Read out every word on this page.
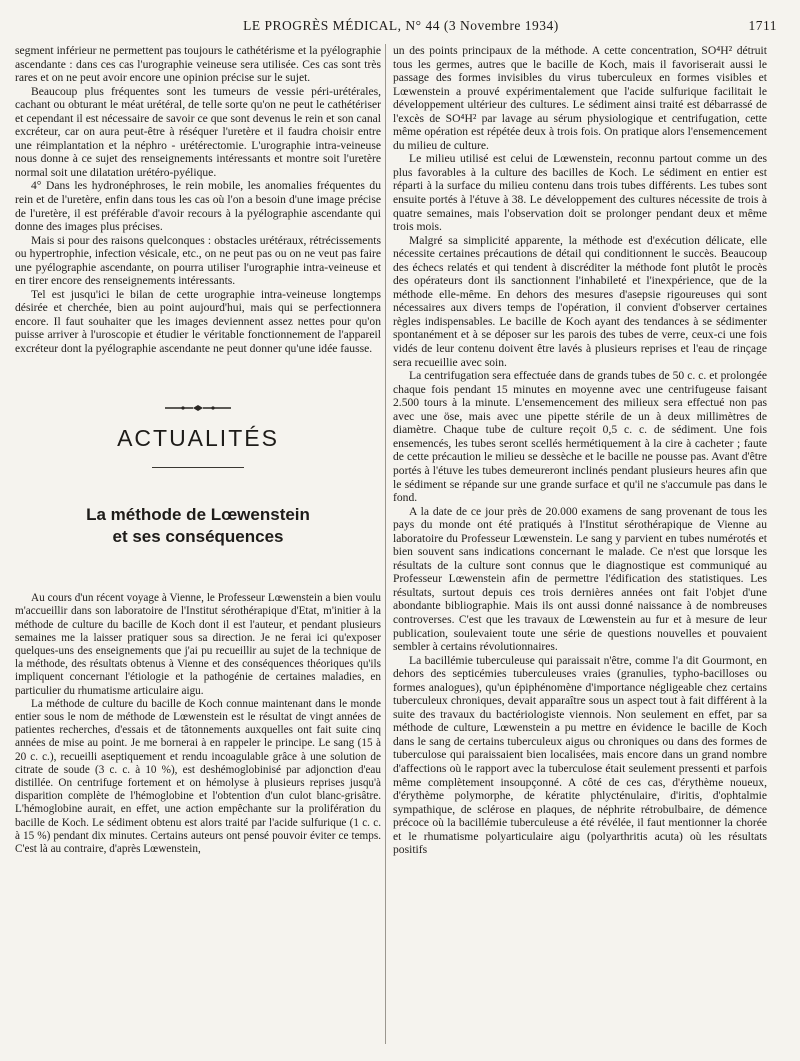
LE PROGRÈS MÉDICAL, N° 44 (3 Novembre 1934)	1711

segment inférieur ne permettent pas toujours le cathétérisme et la pyélographie ascendante : dans ces cas l'urographie veineuse sera utilisée. Ces cas sont très rares et on ne peut avoir encore une opinion précise sur le sujet.

Beaucoup plus fréquentes sont les tumeurs de vessie péri-urétérales, cachant ou obturant le méat urétéral, de telle sorte qu'on ne peut le cathétériser et cependant il est nécessaire de savoir ce que sont devenus le rein et son canal excréteur, car on aura peut-être à réséquer l'uretère et il faudra choisir entre une réimplantation et la néphro - urétérectomie. L'urographie intra-veineuse nous donne à ce sujet des renseignements intéressants et montre soit l'uretère normal soit une dilatation urétéro-pyélique.

4° Dans les hydronéphroses, le rein mobile, les anomalies fréquentes du rein et de l'uretère, enfin dans tous les cas où l'on a besoin d'une image précise de l'uretère, il est préférable d'avoir recours à la pyélographie ascendante qui donne des images plus précises.

Mais si pour des raisons quelconques : obstacles urétéraux, rétrécissements ou hypertrophie, infection vésicale, etc., on ne peut pas ou on ne veut pas faire une pyélographie ascendante, on pourra utiliser l'urographie intra-veineuse et en tirer encore des renseignements intéressants.

Tel est jusqu'ici le bilan de cette urographie intra-veineuse longtemps désirée et cherchée, bien au point aujourd'hui, mais qui se perfectionnera encore. Il faut souhaiter que les images deviennent assez nettes pour qu'on puisse arriver à l'uroscopie et étudier le véritable fonctionnement de l'appareil excréteur dont la pyélographie ascendante ne peut donner qu'une idée fausse.

ACTUALITÉS
La méthode de Lœwenstein
et ses conséquences

Au cours d'un récent voyage à Vienne, le Professeur Lœwenstein a bien voulu m'accueillir dans son laboratoire de l'Institut sérothérapique d'Etat, m'initier à la méthode de culture du bacille de Koch dont il est l'auteur, et pendant plusieurs semaines me la laisser pratiquer sous sa direction. Je ne ferai ici qu'exposer quelques-uns des enseignements que j'ai pu recueillir au sujet de la technique de la méthode, des résultats obtenus à Vienne et des conséquences théoriques qu'ils impliquent concernant l'étiologie et la pathogénie de certaines maladies, en particulier du rhumatisme articulaire aigu.

La méthode de culture du bacille de Koch connue maintenant dans le monde entier sous le nom de méthode de Lœwenstein est le résultat de vingt années de patientes recherches, d'essais et de tâtonnements auxquelles ont fait suite cinq années de mise au point. Je me bornerai à en rappeler le principe. Le sang (15 à 20 c. c.), recueilli aseptiquement et rendu incoagulable grâce à une solution de citrate de soude (3 c. c. à 10 %), est deshémoglobinisé par adjonction d'eau distillée. On centrifuge fortement et on hémolyse à plusieurs reprises jusqu'à disparition complète de l'hémoglobine et l'obtention d'un culot blanc-grisâtre. L'hémoglobine aurait, en effet, une action empêchante sur la prolifération du bacille de Koch. Le sédiment obtenu est alors traité par l'acide sulfurique (1 c. c. à 15 %) pendant dix minutes. Certains auteurs ont pensé pouvoir éviter ce temps. C'est là au contraire, d'après Lœwenstein,

un des points principaux de la méthode. A cette concentration, SO⁴H² détruit tous les germes, autres que le bacille de Koch, mais il favoriserait aussi le passage des formes invisibles du virus tuberculeux en formes visibles et Lœwenstein a prouvé expérimentalement que l'acide sulfurique facilitait le développement ultérieur des cultures. Le sédiment ainsi traité est débarrassé de l'excès de SO⁴H² par lavage au sérum physiologique et centrifugation, cette même opération est répétée deux à trois fois. On pratique alors l'ensemencement du milieu de culture.

Le milieu utilisé est celui de Lœwenstein, reconnu partout comme un des plus favorables à la culture des bacilles de Koch. Le sédiment en entier est réparti à la surface du milieu contenu dans trois tubes différents. Les tubes sont ensuite portés à l'étuve à 38. Le développement des cultures nécessite de trois à quatre semaines, mais l'observation doit se prolonger pendant deux et même trois mois.

Malgré sa simplicité apparente, la méthode est d'exécution délicate, elle nécessite certaines précautions de détail qui conditionnent le succès. Beaucoup des échecs relatés et qui tendent à discréditer la méthode font plutôt le procès des opérateurs dont ils sanctionnent l'inhabileté et l'inexpérience, que de la méthode elle-même. En dehors des mesures d'asepsie rigoureuses qui sont nécessaires aux divers temps de l'opération, il convient d'observer certaines règles indispensables. Le bacille de Koch ayant des tendances à se sédimenter spontanément et à se déposer sur les parois des tubes de verre, ceux-ci une fois vidés de leur contenu doivent être lavés à plusieurs reprises et l'eau de rinçage sera recueillie avec soin.

La centrifugation sera effectuée dans de grands tubes de 50 c. c. et prolongée chaque fois pendant 15 minutes en moyenne avec une centrifugeuse faisant 2.500 tours à la minute. L'ensemencement des milieux sera effectué non pas avec une öse, mais avec une pipette stérile de un à deux millimètres de diamètre. Chaque tube de culture reçoit 0,5 c. c. de sédiment. Une fois ensemencés, les tubes seront scellés hermétiquement à la cire à cacheter ; faute de cette précaution le milieu se dessèche et le bacille ne pousse pas. Avant d'être portés à l'étuve les tubes demeureront inclinés pendant plusieurs heures afin que le sédiment se répande sur une grande surface et qu'il ne s'accumule pas dans le fond.

A la date de ce jour près de 20.000 examens de sang provenant de tous les pays du monde ont été pratiqués à l'Institut sérothérapique de Vienne au laboratoire du Professeur Lœwenstein. Le sang y parvient en tubes numérotés et bien souvent sans indications concernant le malade. Ce n'est que lorsque les résultats de la culture sont connus que le diagnostique est communiqué au Professeur Lœwenstein afin de permettre l'édification des statistiques. Les résultats, surtout depuis ces trois dernières années ont fait l'objet d'une abondante bibliographie. Mais ils ont aussi donné naissance à de nombreuses controverses. C'est que les travaux de Lœwenstein au fur et à mesure de leur publication, soulevaient toute une série de questions nouvelles et pouvaient sembler à certains révolutionnaires.

La bacillémie tuberculeuse qui paraissait n'être, comme l'a dit Gourmont, en dehors des septicémies tuberculeuses vraies (granulies, typho-bacilloses ou formes analogues), qu'un épiphénomène d'importance négligeable chez certains tuberculeux chroniques, devait apparaître sous un aspect tout à fait différent à la suite des travaux du bactériologiste viennois. Non seulement en effet, par sa méthode de culture, Lœwenstein a pu mettre en évidence le bacille de Koch dans le sang de certains tuberculeux aigus ou chroniques ou dans des formes de tuberculose qui paraissaient bien localisées, mais encore dans un grand nombre d'affections où le rapport avec la tuberculose était seulement pressenti et parfois même complètement insoupçonné. A côté de ces cas, d'érythème noueux, d'érythème polymorphe, de kératite phlycténulaire, d'iritis, d'ophtalmie sympathique, de sclérose en plaques, de néphrite rétrobulbaire, de démence précoce où la bacillémie tuberculeuse a été révélée, il faut mentionner la chorée et le rhumatisme polyarticulaire aigu (polyarthritis acuta) où les résultats positifs
